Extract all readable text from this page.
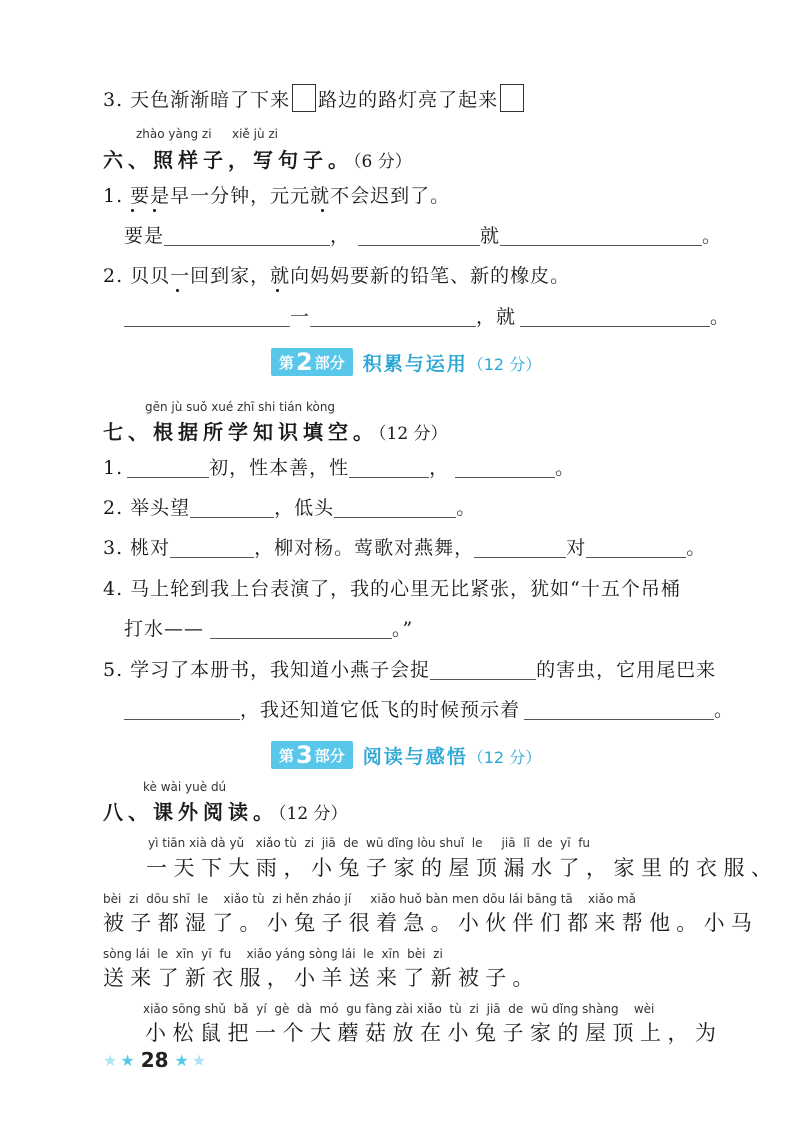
3. 天色渐渐暗了下来 路边的路灯亮了起来
zhào yàng zi xiě jù zi
六、照样子，写句子。（6 分）
1. 要是早一分钟，元元就不会迟到了。
要是	，	就	。
2. 贝贝一回到家，就向妈妈要新的铅笔、新的橡皮。
一	，就	。
第 2 部分 积累与运用（12 分）
gēn jù suǒ xué zhī shi tián kòng
七、根据所学知识填空。（12 分）
1.	初，性本善，性	，	。
2. 举头望	，低头	。
3. 桃对	，柳对杨。莺歌对燕舞，	对	。
4. 马上轮到我上台表演了，我的心里无比紧张，犹如“十五个吊桶
打水——	。”
5. 学习了本册书，我知道小燕子会捉	的害虫，它用尾巴来
，我还知道它低飞的时候预示着	。
第 3 部分 阅读与感悟（12 分）
kè wài yuè dú
八、课外阅读。（12 分）
yì tiān xià dà yǔ   xiǎo tù  zi  jiā  de  wū dǐng lòu shuǐ  le     jiā  lǐ  de  yī  fu
一天下大雨，小兔子家的屋顶漏水了，家里的衣服、
bèi  zi  dōu shī  le    xiǎo tù  zi hěn zháo jí     xiǎo huǒ bàn men dōu lái bāng tā    xiǎo mǎ
被子都湿了。小兔子很着急。小伙伴们都来帮他。小马
sòng lái  le  xīn  yī  fu    xiǎo yáng sòng lái  le  xīn  bèi  zi
送来了新衣服，小羊送来了新被子。
xiǎo sōng shǔ  bǎ  yí  gè  dà  mó  gu fàng zài xiǎo  tù  zi  jiā  de  wū dǐng shàng    wèi
小松鼠把一个大蘑菇放在小兔子家的屋顶上，为
★ ★ 28 ★ ★
